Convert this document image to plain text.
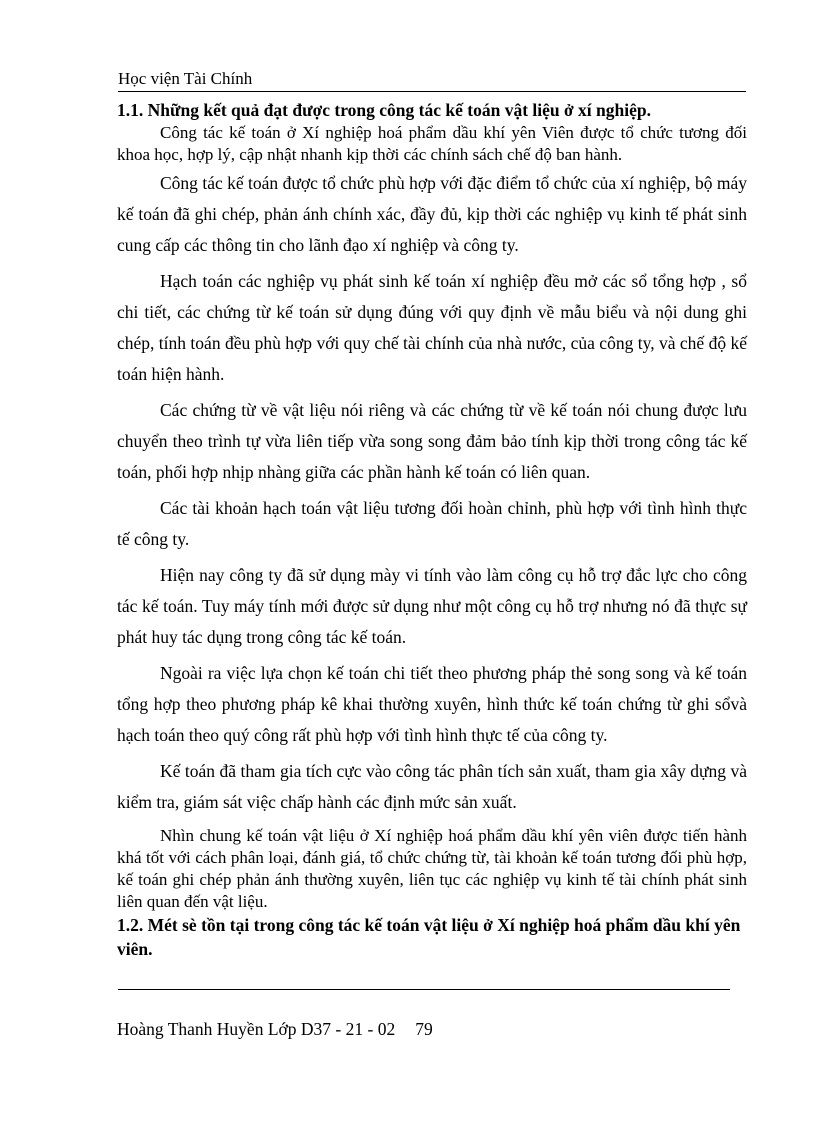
Học viện Tài Chính
1.1. Những kết quả đạt được trong công tác kế toán vật liệu ở xí nghiệp.

Công tác kế toán ở Xí nghiệp hoá phẩm dầu khí yên Viên được tổ chức tương đối khoa học, hợp lý, cập nhật nhanh kịp thời các chính sách chế độ ban hành.

Công tác kế toán được tổ chức phù hợp với đặc điểm tổ chức của xí nghiệp, bộ máy kế toán đã ghi chép, phản ánh chính xác, đầy đủ, kịp thời các nghiệp vụ kinh tế phát sinh cung cấp các thông tin cho lãnh đạo xí nghiệp và công ty.

Hạch toán các nghiệp vụ phát sinh kế toán xí nghiệp đều mở các sổ tổng hợp , sổ chi tiết, các chứng từ kế toán sử dụng đúng với quy định về mẫu biểu và nội dung ghi chép, tính toán đều phù hợp với quy chế tài chính của nhà nước, của công ty, và chế độ kế toán hiện hành.

Các chứng từ về vật liệu nói riêng và các chứng từ về kế toán nói chung được lưu chuyển theo trình tự vừa liên tiếp vừa song song đảm bảo tính kịp thời trong công tác kế toán, phối hợp nhịp nhàng giữa các phần hành kế toán có liên quan.

Các tài khoản hạch toán vật liệu tương đối hoàn chỉnh, phù hợp với tình hình thực tế công ty.

Hiện nay công ty đã sử dụng mày vi tính vào làm công cụ hỗ trợ đắc lực cho công tác kế toán. Tuy máy tính mới được sử dụng như một công cụ hỗ trợ nhưng nó đã thực sự phát huy tác dụng trong công tác kế toán.

Ngoài ra việc lựa chọn kế toán chi tiết theo phương pháp thẻ song song và kế toán tổng hợp theo phương pháp kê khai thường xuyên, hình thức kế toán chứng từ ghi sổvà hạch toán theo quý công rất phù hợp với tình hình thực tế của công ty.

Kế toán đã tham gia tích cực vào công tác phân tích sản xuất, tham gia xây dựng và kiểm tra, giám sát việc chấp hành các định mức sản xuất.

Nhìn chung kế toán vật liệu ở Xí nghiệp hoá phẩm dầu khí yên viên được tiến hành khá tốt với cách phân loại, đánh giá, tổ chức chứng từ, tài khoản kế toán tương đối phù hợp, kế toán ghi chép phản ánh thường xuyên, liên tục các nghiệp vụ kinh tế tài chính phát sinh liên quan đến vật liệu.

1.2. Mét sè tồn tại trong công tác kế toán vật liệu ở Xí nghiệp hoá phẩm dầu khí yên viên.
Hoàng Thanh Huyền Lớp D37 - 21 - 02 79
